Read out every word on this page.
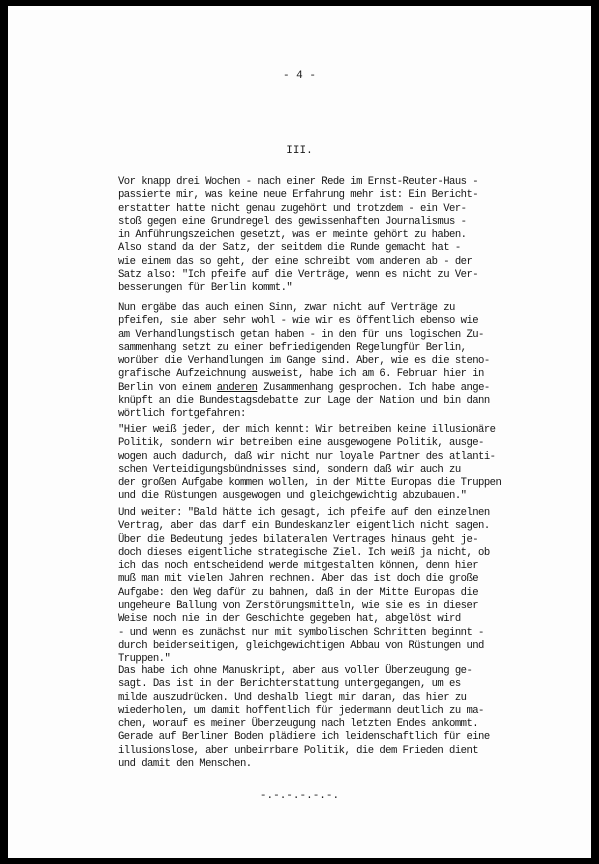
- 4 -
III.

Vor knapp drei Wochen - nach einer Rede im Ernst-Reuter-Haus -
passierte mir, was keine neue Erfahrung mehr ist: Ein Bericht-
erstatter hatte nicht genau zugehört und trotzdem - ein Ver-
stoß gegen eine Grundregel des gewissenhaften Journalismus -
in Anführungszeichen gesetzt, was er meinte gehört zu haben.
Also stand da der Satz, der seitdem die Runde gemacht hat -
wie einem das so geht, der eine schreibt vom anderen ab - der
Satz also: "Ich pfeife auf die Verträge, wenn es nicht zu Ver-
besserungen für Berlin kommt."

Nun ergäbe das auch einen Sinn, zwar nicht auf Verträge zu
pfeifen, sie aber sehr wohl - wie wir es öffentlich ebenso wie
am Verhandlungstisch getan haben - in den für uns logischen Zu-
sammenhang setzt zu einer befriedigenden Regelungfür Berlin,
worüber die Verhandlungen im Gange sind. Aber, wie es die steno-
grafische Aufzeichnung ausweist, habe ich am 6. Februar hier in
Berlin von einem anderen Zusammenhang gesprochen. Ich habe ange-
knüpft an die Bundestagsdebatte zur Lage der Nation und bin dann
wörtlich fortgefahren:

"Hier weiß jeder, der mich kennt: Wir betreiben keine illusionäre
Politik, sondern wir betreiben eine ausgewogene Politik, ausge-
wogen auch dadurch, daß wir nicht nur loyale Partner des atlanti-
schen Verteidigungsbündnisses sind, sondern daß wir auch zu
der großen Aufgabe kommen wollen, in der Mitte Europas die Truppen
und die Rüstungen ausgewogen und gleichgewichtig abzubauen."

Und weiter: "Bald hätte ich gesagt, ich pfeife auf den einzelnen
Vertrag, aber das darf ein Bundeskanzler eigentlich nicht sagen.
Über die Bedeutung jedes bilateralen Vertrages hinaus geht je-
doch dieses eigentliche strategische Ziel. Ich weiß ja nicht, ob
ich das noch entscheidend werde mitgestalten können, denn hier
muß man mit vielen Jahren rechnen. Aber das ist doch die große
Aufgabe: den Weg dafür zu bahnen, daß in der Mitte Europas die
ungeheure Ballung von Zerstörungsmitteln, wie sie es in dieser
Weise noch nie in der Geschichte gegeben hat, abgelöst wird
- und wenn es zunächst nur mit symbolischen Schritten beginnt -
durch beiderseitigen, gleichgewichtigen Abbau von Rüstungen und
Truppen."

Das habe ich ohne Manuskript, aber aus voller Überzeugung ge-
sagt. Das ist in der Berichterstattung untergegangen, um es
milde auszudrücken. Und deshalb liegt mir daran, das hier zu
wiederholen, um damit hoffentlich für jedermann deutlich zu ma-
chen, worauf es meiner Überzeugung nach letzten Endes ankommt.
Gerade auf Berliner Boden plädiere ich leidenschaftlich für eine
illusionslose, aber unbeirrbare Politik, die dem Frieden dient
und damit den Menschen.

-.-.-.-.-.-.
